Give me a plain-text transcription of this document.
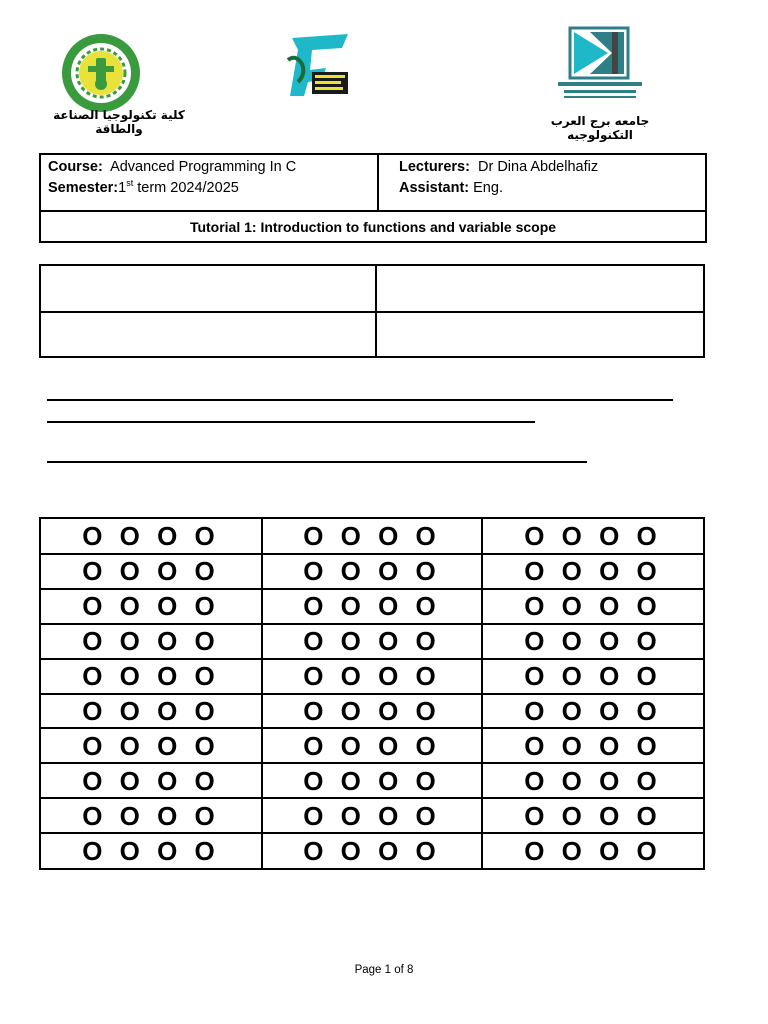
كلية تكنولوجيا الصناعة والطاقة
جامعه برج العرب التكنولوجيه
Course: Advanced Programming In C
Semester:1st term 2024/2025
Lecturers: Dr Dina Abdelhafiz
Assistant: Eng.
Tutorial 1: Introduction to functions and variable scope
O O O O	O O O O	O O O O
O O O O	O O O O	O O O O
O O O O	O O O O	O O O O
O O O O	O O O O	O O O O
O O O O	O O O O	O O O O
O O O O	O O O O	O O O O
O O O O	O O O O	O O O O
O O O O	O O O O	O O O O
O O O O	O O O O	O O O O
O O O O	O O O O	O O O O
Page 1 of 8
